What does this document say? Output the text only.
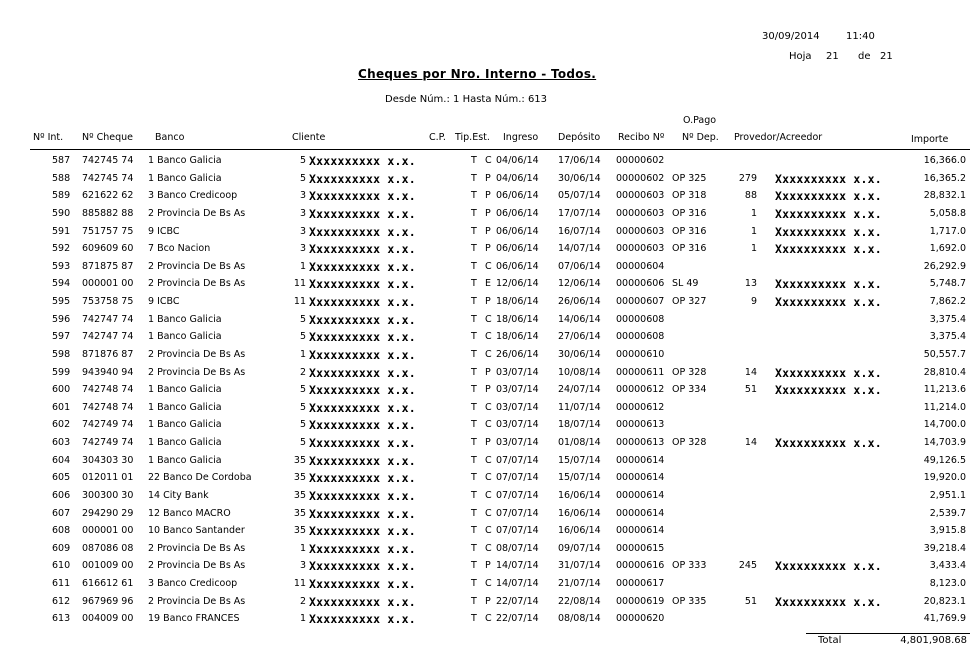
30/09/2014	11:40
Hoja 21 de 21
Cheques por Nro. Interno - Todos.
Desde Núm.: 1 Hasta Núm.: 613
O.Pago
Nº Int. Nº Cheque Banco	Cliente	C.P. Tip.Est. Ingreso Depósito Recibo Nº Nº Dep. Provedor/Acreedor	Importe
587 742745 74	1 Banco Galicia	5 Xxxxxxxxxx x.x.	T C 04/06/14	17/06/14	00000602	16,366.0
588 742745 74	1 Banco Galicia	5 Xxxxxxxxxx x.x.	T P 04/06/14	30/06/14	00000602 OP 325	279 Xxxxxxxxxx x.x.	16,365.2
589 621622 62	3 Banco Credicoop	3 Xxxxxxxxxx x.x.	T P 06/06/14	05/07/14	00000603 OP 318	88 Xxxxxxxxxx x.x.	28,832.1
590 885882 88	2 Provincia De Bs As	3 Xxxxxxxxxx x.x.	T P 06/06/14	17/07/14	00000603 OP 316	1 Xxxxxxxxxx x.x.	5,058.8
591 751757 75	9 ICBC	3 Xxxxxxxxxx x.x.	T P 06/06/14	16/07/14	00000603 OP 316	1 Xxxxxxxxxx x.x.	1,717.0
592 609609 60	7 Bco Nacion	3 Xxxxxxxxxx x.x.	T P 06/06/14	14/07/14	00000603 OP 316	1 Xxxxxxxxxx x.x.	1,692.0
593 871875 87	2 Provincia De Bs As	1 Xxxxxxxxxx x.x.	T C 06/06/14	07/06/14	00000604	26,292.9
594 000001 00	2 Provincia De Bs As	11 Xxxxxxxxxx x.x.	T E 12/06/14	12/06/14	00000606 SL 49	13 Xxxxxxxxxx x.x.	5,748.7
595 753758 75	9 ICBC	11 Xxxxxxxxxx x.x.	T P 18/06/14	26/06/14	00000607 OP 327	9 Xxxxxxxxxx x.x.	7,862.2
596 742747 74	1 Banco Galicia	5 Xxxxxxxxxx x.x.	T C 18/06/14	14/06/14	00000608	3,375.4
597 742747 74	1 Banco Galicia	5 Xxxxxxxxxx x.x.	T C 18/06/14	27/06/14	00000608	3,375.4
598 871876 87	2 Provincia De Bs As	1 Xxxxxxxxxx x.x.	T C 26/06/14	30/06/14	00000610	50,557.7
599 943940 94	2 Provincia De Bs As	2 Xxxxxxxxxx x.x.	T P 03/07/14	10/08/14	00000611 OP 328	14 Xxxxxxxxxx x.x.	28,810.4
600 742748 74	1 Banco Galicia	5 Xxxxxxxxxx x.x.	T P 03/07/14	24/07/14	00000612 OP 334	51 Xxxxxxxxxx x.x.	11,213.6
601 742748 74	1 Banco Galicia	5 Xxxxxxxxxx x.x.	T C 03/07/14	11/07/14	00000612	11,214.0
602 742749 74	1 Banco Galicia	5 Xxxxxxxxxx x.x.	T C 03/07/14	18/07/14	00000613	14,700.0
603 742749 74	1 Banco Galicia	5 Xxxxxxxxxx x.x.	T P 03/07/14	01/08/14	00000613 OP 328	14 Xxxxxxxxxx x.x.	14,703.9
604 304303 30	1 Banco Galicia	35 Xxxxxxxxxx x.x.	T C 07/07/14	15/07/14	00000614	49,126.5
605 012011 01	22 Banco De Cordoba	35 Xxxxxxxxxx x.x.	T C 07/07/14	15/07/14	00000614	19,920.0
606 300300 30	14 City Bank	35 Xxxxxxxxxx x.x.	T C 07/07/14	16/06/14	00000614	2,951.1
607 294290 29	12 Banco MACRO	35 Xxxxxxxxxx x.x.	T C 07/07/14	16/06/14	00000614	2,539.7
608 000001 00	10 Banco Santander	35 Xxxxxxxxxx x.x.	T C 07/07/14	16/06/14	00000614	3,915.8
609 087086 08	2 Provincia De Bs As	1 Xxxxxxxxxx x.x.	T C 08/07/14	09/07/14	00000615	39,218.4
610 001009 00	2 Provincia De Bs As	3 Xxxxxxxxxx x.x.	T P 14/07/14	31/07/14	00000616 OP 333	245 Xxxxxxxxxx x.x.	3,433.4
611 616612 61	3 Banco Credicoop	11 Xxxxxxxxxx x.x.	T C 14/07/14	21/07/14	00000617	8,123.0
612 967969 96	2 Provincia De Bs As	2 Xxxxxxxxxx x.x.	T P 22/07/14	22/08/14	00000619 OP 335	51 Xxxxxxxxxx x.x.	20,823.1
613 004009 00	19 Banco FRANCES	1 Xxxxxxxxxx x.x.	T C 22/07/14	08/08/14	00000620	41,769.9
Total	4,801,908.68
